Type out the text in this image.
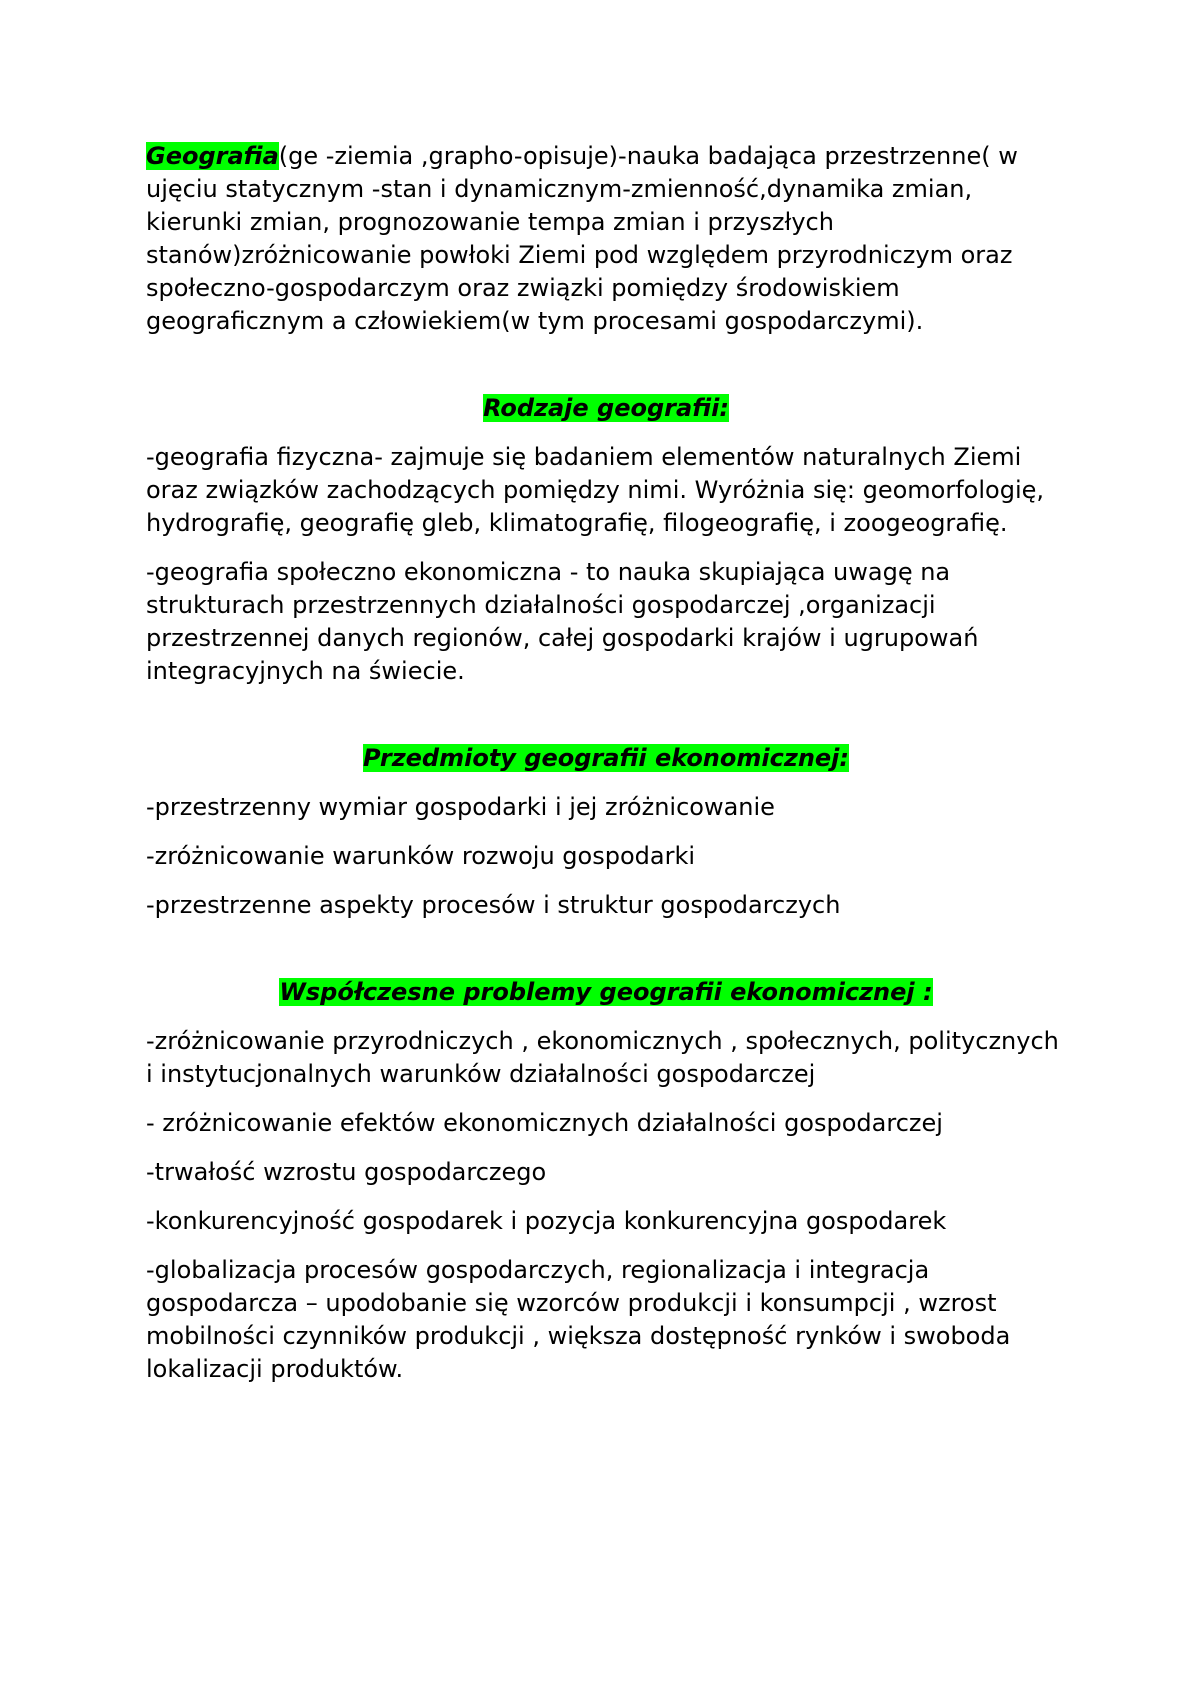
Geografia(ge -ziemia ,grapho-opisuje)-nauka badająca przestrzenne( w ujęciu statycznym -stan i dynamicznym-zmienność,dynamika zmian, kierunki zmian, prognozowanie tempa zmian i przyszłych stanów)zróżnicowanie powłoki Ziemi pod względem przyrodniczym oraz społeczno-gospodarczym oraz związki pomiędzy środowiskiem geograficznym a człowiekiem(w tym procesami gospodarczymi).

Rodzaje geografii:

-geografia fizyczna- zajmuje się badaniem elementów naturalnych Ziemi oraz związków zachodzących pomiędzy nimi. Wyróżnia się: geomorfologię, hydrografię, geografię gleb, klimatografię, filogeografię, i zoogeografię.

-geografia społeczno ekonomiczna - to nauka skupiająca uwagę na strukturach przestrzennych działalności gospodarczej ,organizacji przestrzennej danych regionów, całej gospodarki krajów i ugrupowań integracyjnych na świecie.

Przedmioty geografii ekonomicznej:

-przestrzenny wymiar gospodarki i jej zróżnicowanie

-zróżnicowanie warunków rozwoju gospodarki

-przestrzenne aspekty procesów i struktur gospodarczych

Współczesne problemy geografii ekonomicznej :

-zróżnicowanie przyrodniczych , ekonomicznych , społecznych, politycznych i instytucjonalnych warunków działalności gospodarczej

- zróżnicowanie efektów ekonomicznych działalności gospodarczej

-trwałość wzrostu gospodarczego

-konkurencyjność gospodarek i pozycja konkurencyjna gospodarek

-globalizacja procesów gospodarczych, regionalizacja i integracja gospodarcza – upodobanie się wzorców produkcji i konsumpcji , wzrost mobilności czynników produkcji , większa dostępność rynków i swoboda lokalizacji produktów.
